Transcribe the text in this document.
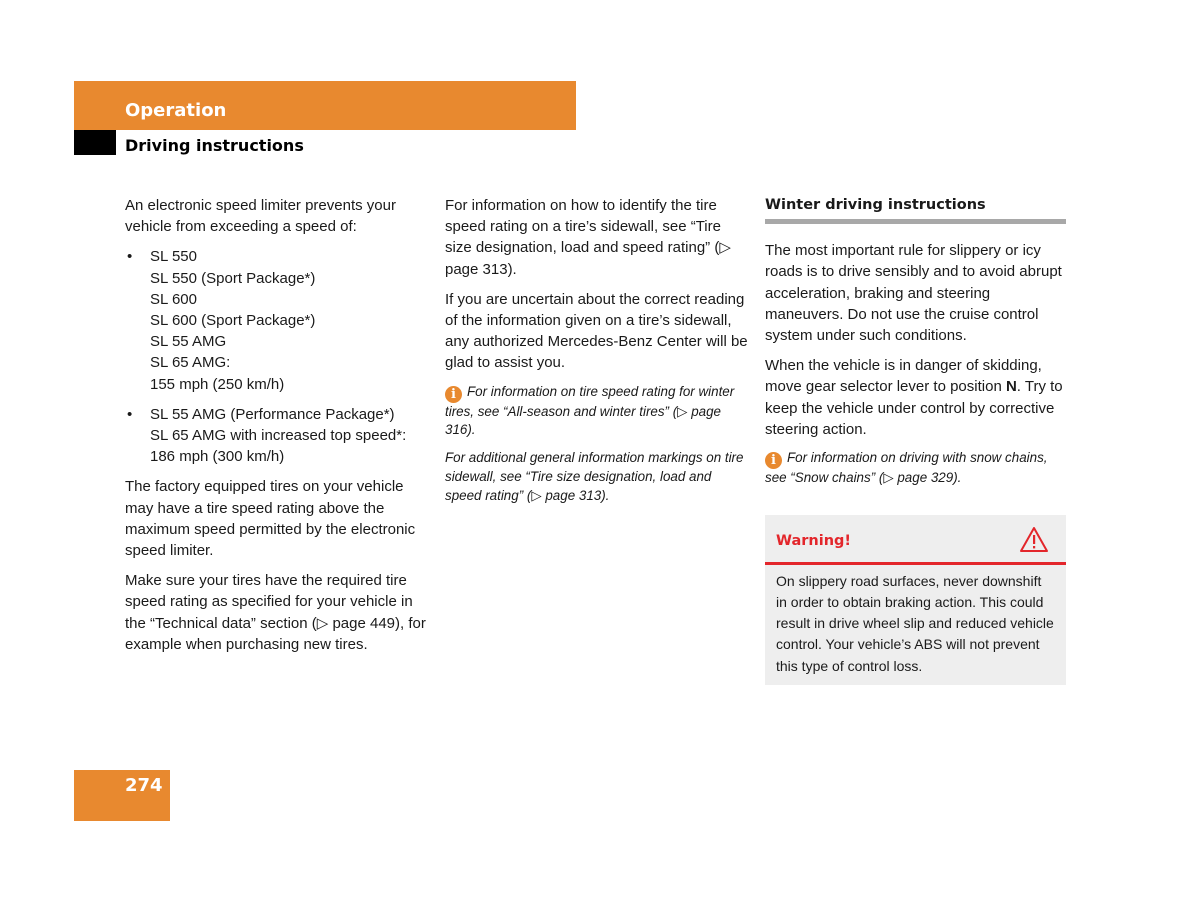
Operation
Driving instructions

An electronic speed limiter prevents your vehicle from exceeding a speed of:

• SL 550
SL 550 (Sport Package*)
SL 600
SL 600 (Sport Package*)
SL 55 AMG
SL 65 AMG:
155 mph (250 km/h)
• SL 55 AMG (Performance Package*)
SL 65 AMG with increased top speed*:
186 mph (300 km/h)

The factory equipped tires on your vehicle may have a tire speed rating above the maximum speed permitted by the electronic speed limiter.

Make sure your tires have the required tire speed rating as specified for your vehicle in the “Technical data” section (▷ page 449), for example when purchasing new tires.

For information on how to identify the tire speed rating on a tire’s sidewall, see “Tire size designation, load and speed rating” (▷ page 313).

If you are uncertain about the correct reading of the information given on a tire’s sidewall, any authorized Mercedes-Benz Center will be glad to assist you.

i For information on tire speed rating for winter tires, see “All-season and winter tires” (▷ page 316).

For additional general information markings on tire sidewall, see “Tire size designation, load and speed rating” (▷ page 313).

Winter driving instructions

The most important rule for slippery or icy roads is to drive sensibly and to avoid abrupt acceleration, braking and steering maneuvers. Do not use the cruise control system under such conditions.

When the vehicle is in danger of skidding, move gear selector lever to position N. Try to keep the vehicle under control by corrective steering action.

i For information on driving with snow chains, see “Snow chains” (▷ page 329).

Warning!
On slippery road surfaces, never downshift in order to obtain braking action. This could result in drive wheel slip and reduced vehicle control. Your vehicle’s ABS will not prevent this type of control loss.
274
